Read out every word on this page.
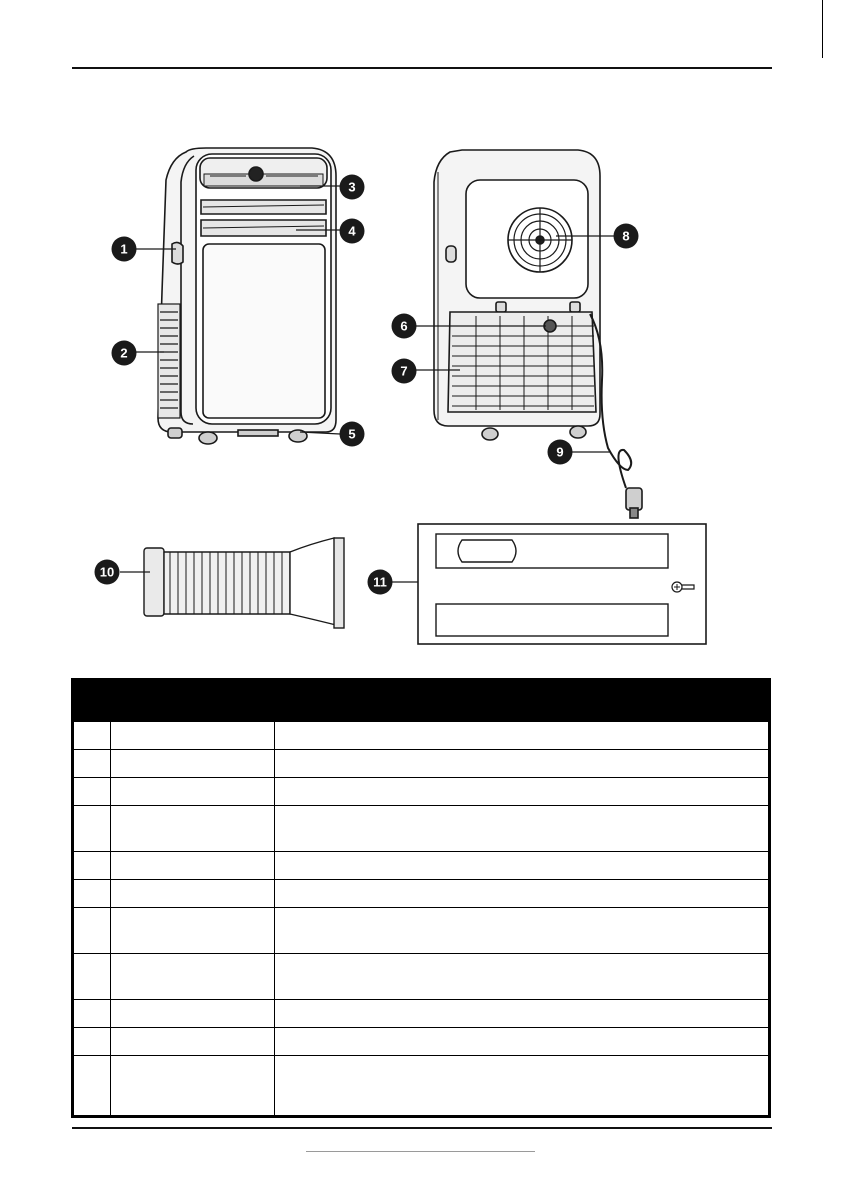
1
2
3
4
5
6
7
8
9
10
11
